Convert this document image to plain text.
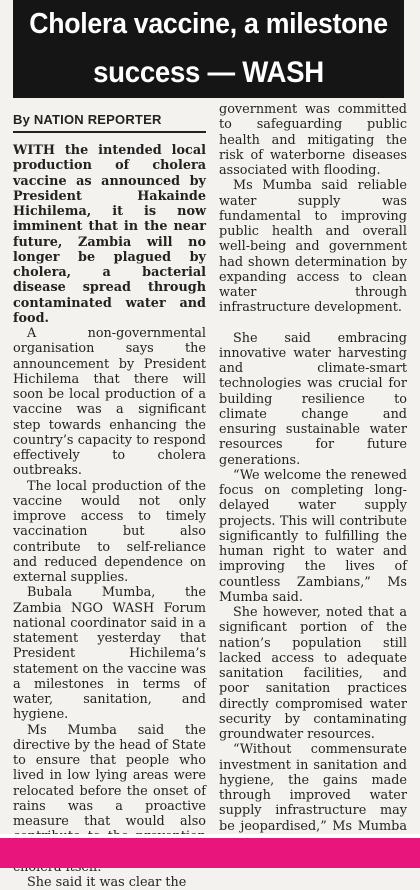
Cholera vaccine, a milestone
success — WASH
By NATION REPORTER

WITH the intended local production of cholera vaccine as announced by President Hakainde Hichilema, it is now imminent that in the near future, Zambia will no longer be plagued by cholera, a bacterial disease spread through contaminated water and food.

A non-governmental organisation says the announcement by President Hichilema that there will soon be local production of a vaccine was a significant step towards enhancing the country’s capacity to respond effectively to cholera outbreaks.

The local production of the vaccine would not only improve access to timely vaccination but also contribute to self-reliance and reduced dependence on external supplies.

Bubala Mumba, the Zambia NGO WASH Forum national coordinator said in a statement yesterday that President Hichilema’s statement on the vaccine was a milestones in terms of water, sanitation, and hygiene.

Ms Mumba said the directive by the head of State to ensure that people who lived in low lying areas were relocated before the onset of rains was a proactive measure that would also

She said it was clear the

government was committed to safeguarding public health and mitigating the risk of waterborne diseases associated with flooding.

Ms Mumba said reliable water supply was fundamental to improving public health and overall well-being and government had shown determination by expanding access to clean water through infrastructure development.

She said embracing innovative water harvesting and climate-smart technologies was crucial for building resilience to climate change and ensuring sustainable water resources for future generations.

“We welcome the renewed focus on completing long-delayed water supply projects. This will contribute significantly to fulfilling the human right to water and improving the lives of countless Zambians,” Ms Mumba said.

She however, noted that a significant portion of the nation’s population still lacked access to adequate sanitation facilities, and poor sanitation practices directly compromised water security by contaminating groundwater resources.

“Without commensurate investment in sanitation and hygiene, the gains made through improved water supply infrastructure may be jeopardised,” Ms Mumba
